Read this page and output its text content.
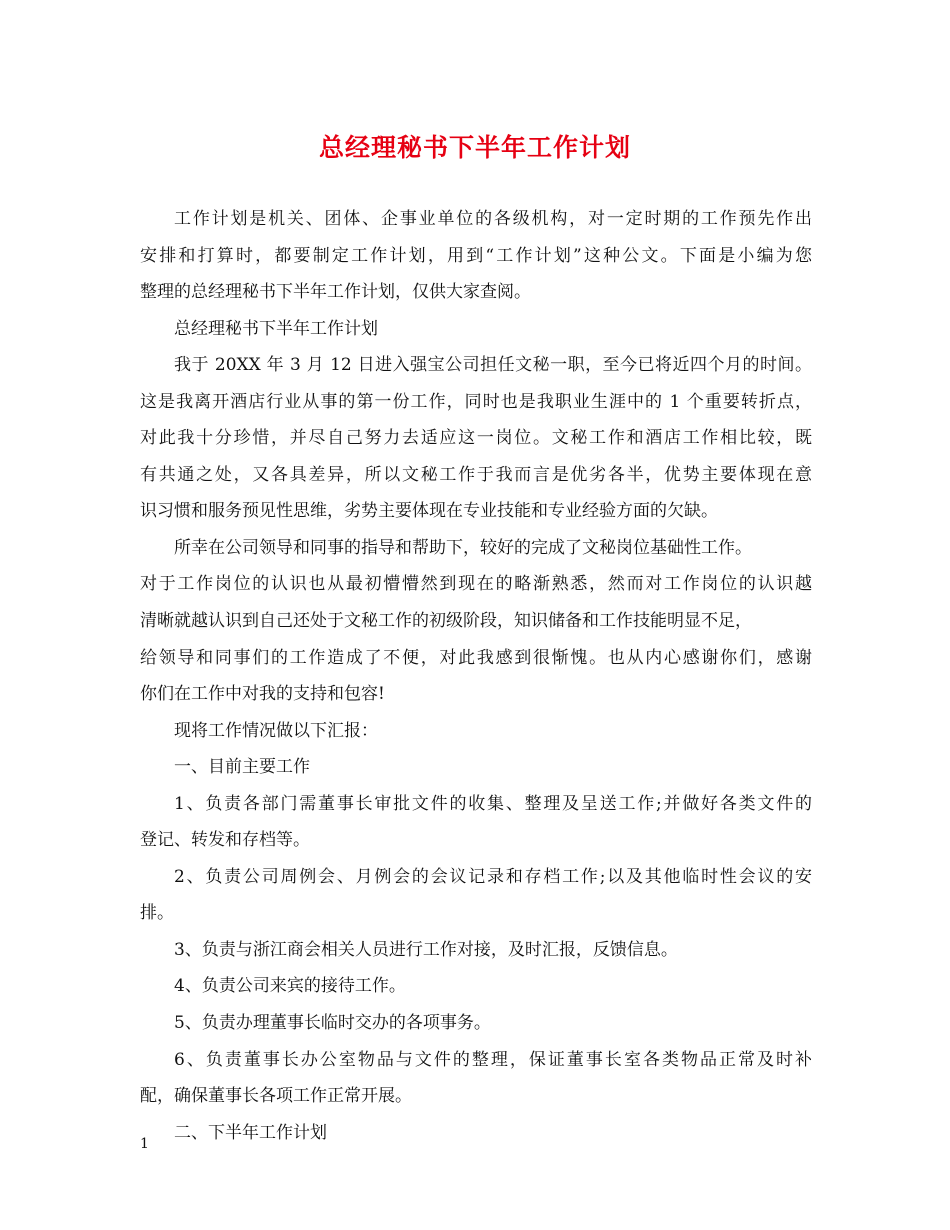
总经理秘书下半年工作计划
工作计划是机关、团体、企事业单位的各级机构，对一定时期的工作预先作出
安排和打算时，都要制定工作计划，用到“工作计划”这种公文。下面是小编为您
整理的总经理秘书下半年工作计划，仅供大家查阅。
总经理秘书下半年工作计划
我于 20XX 年 3 月 12 日进入强宝公司担任文秘一职，至今已将近四个月的时间。
这是我离开酒店行业从事的第一份工作，同时也是我职业生涯中的 1 个重要转折点，
对此我十分珍惜，并尽自己努力去适应这一岗位。文秘工作和酒店工作相比较，既
有共通之处，又各具差异，所以文秘工作于我而言是优劣各半，优势主要体现在意
识习惯和服务预见性思维，劣势主要体现在专业技能和专业经验方面的欠缺。
所幸在公司领导和同事的指导和帮助下，较好的完成了文秘岗位基础性工作。
对于工作岗位的认识也从最初懵懵然到现在的略渐熟悉，然而对工作岗位的认识越
清晰就越认识到自己还处于文秘工作的初级阶段，知识储备和工作技能明显不足，
给领导和同事们的工作造成了不便，对此我感到很惭愧。也从内心感谢你们，感谢
你们在工作中对我的支持和包容!
现将工作情况做以下汇报：
一、目前主要工作
1、负责各部门需董事长审批文件的收集、整理及呈送工作;并做好各类文件的
登记、转发和存档等。
2、负责公司周例会、月例会的会议记录和存档工作;以及其他临时性会议的安
排。
3、负责与浙江商会相关人员进行工作对接，及时汇报，反馈信息。
4、负责公司来宾的接待工作。
5、负责办理董事长临时交办的各项事务。
6、负责董事长办公室物品与文件的整理，保证董事长室各类物品正常及时补
配，确保董事长各项工作正常开展。
二、下半年工作计划
1
